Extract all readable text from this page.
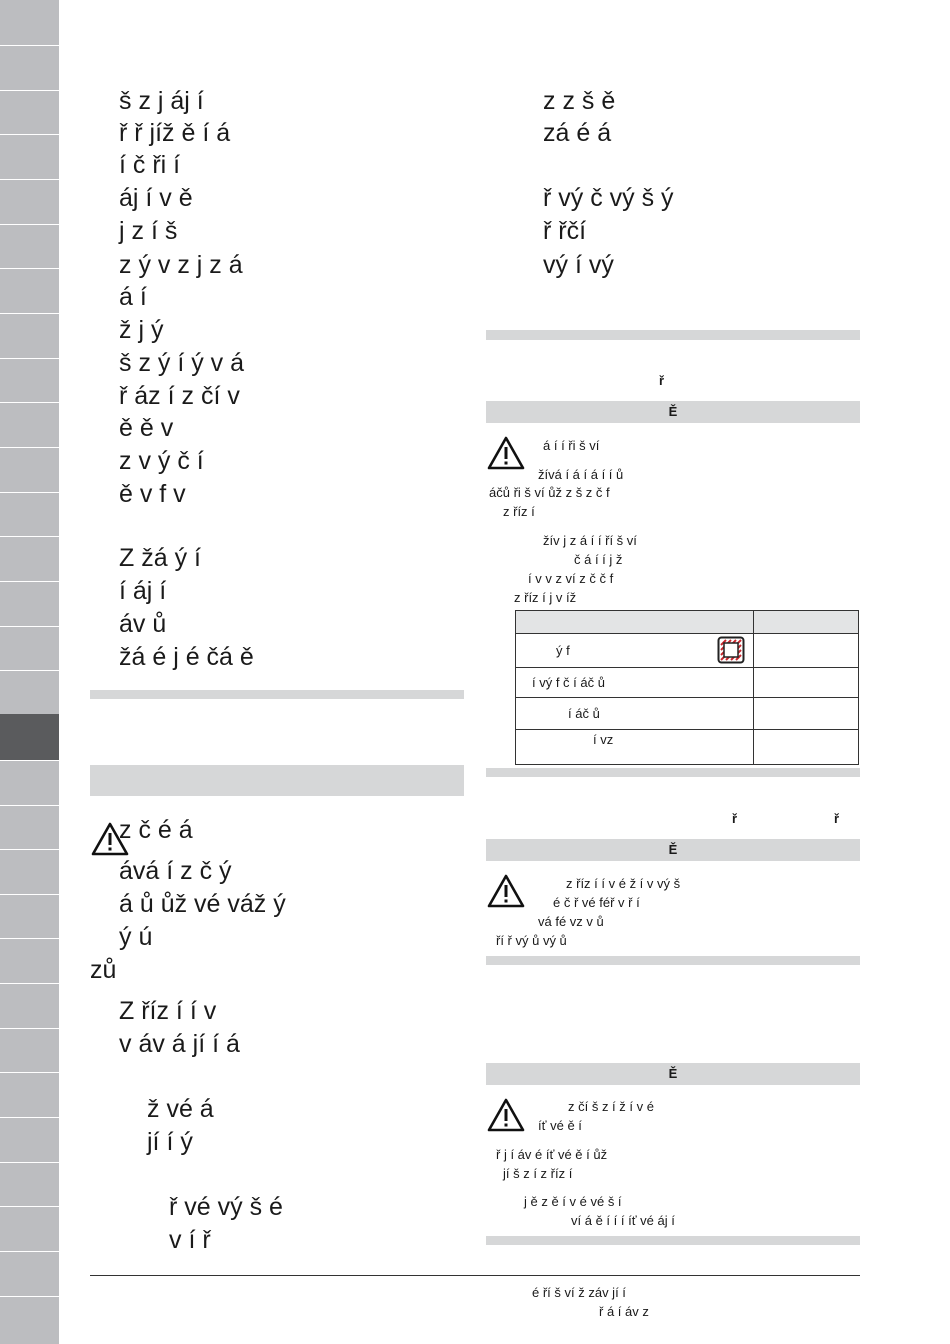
š z j áj í
ř ř jíž ě í á
í č ři í
áj í v ě
j z í š
z ý v z j z á
á í
ž j ý
š z ý í ý v á
ř áz í z čí v
ě ě v
z v ý č í
ě v f v
Z žá ý í
í áj í
áv ů
žá é j é čá ě
z č é á
ává í z č ý
á ů ůž vé váž ý
ý ú
zů
Z říz í í v
v áv á jí í á
ž vé á
jí í ý
ř vé vý š é
v í ř
z z š ě
zá é á
ř vý č vý š ý
ř řčí
vý í vý
ř
Ě
á í í ři š ví
žívá í á í á í í ů
áčů ři š ví ůž z š z č f
z říz í
žív j z á í í ří š ví
č á í í j ž
í v v z ví z č č f
z říz í j v íž
ý f
í vý f č í áč ů
í áč ů
í vz
ř	ř
Ě
z říz í í v é ž í v vý š
é č ř vé féř v ř í
vá fé vz v ů
ří ř vý ů vý ů
Ě
z čí š z í ž í v é
íť vé ě í
ř j í áv é íť vé ě í ůž
jí š z í z říz í
j ě z ě í v é vé š í
ví á ě í í í íť vé áj í
é ří š ví ž záv jí í
ř á í áv z
